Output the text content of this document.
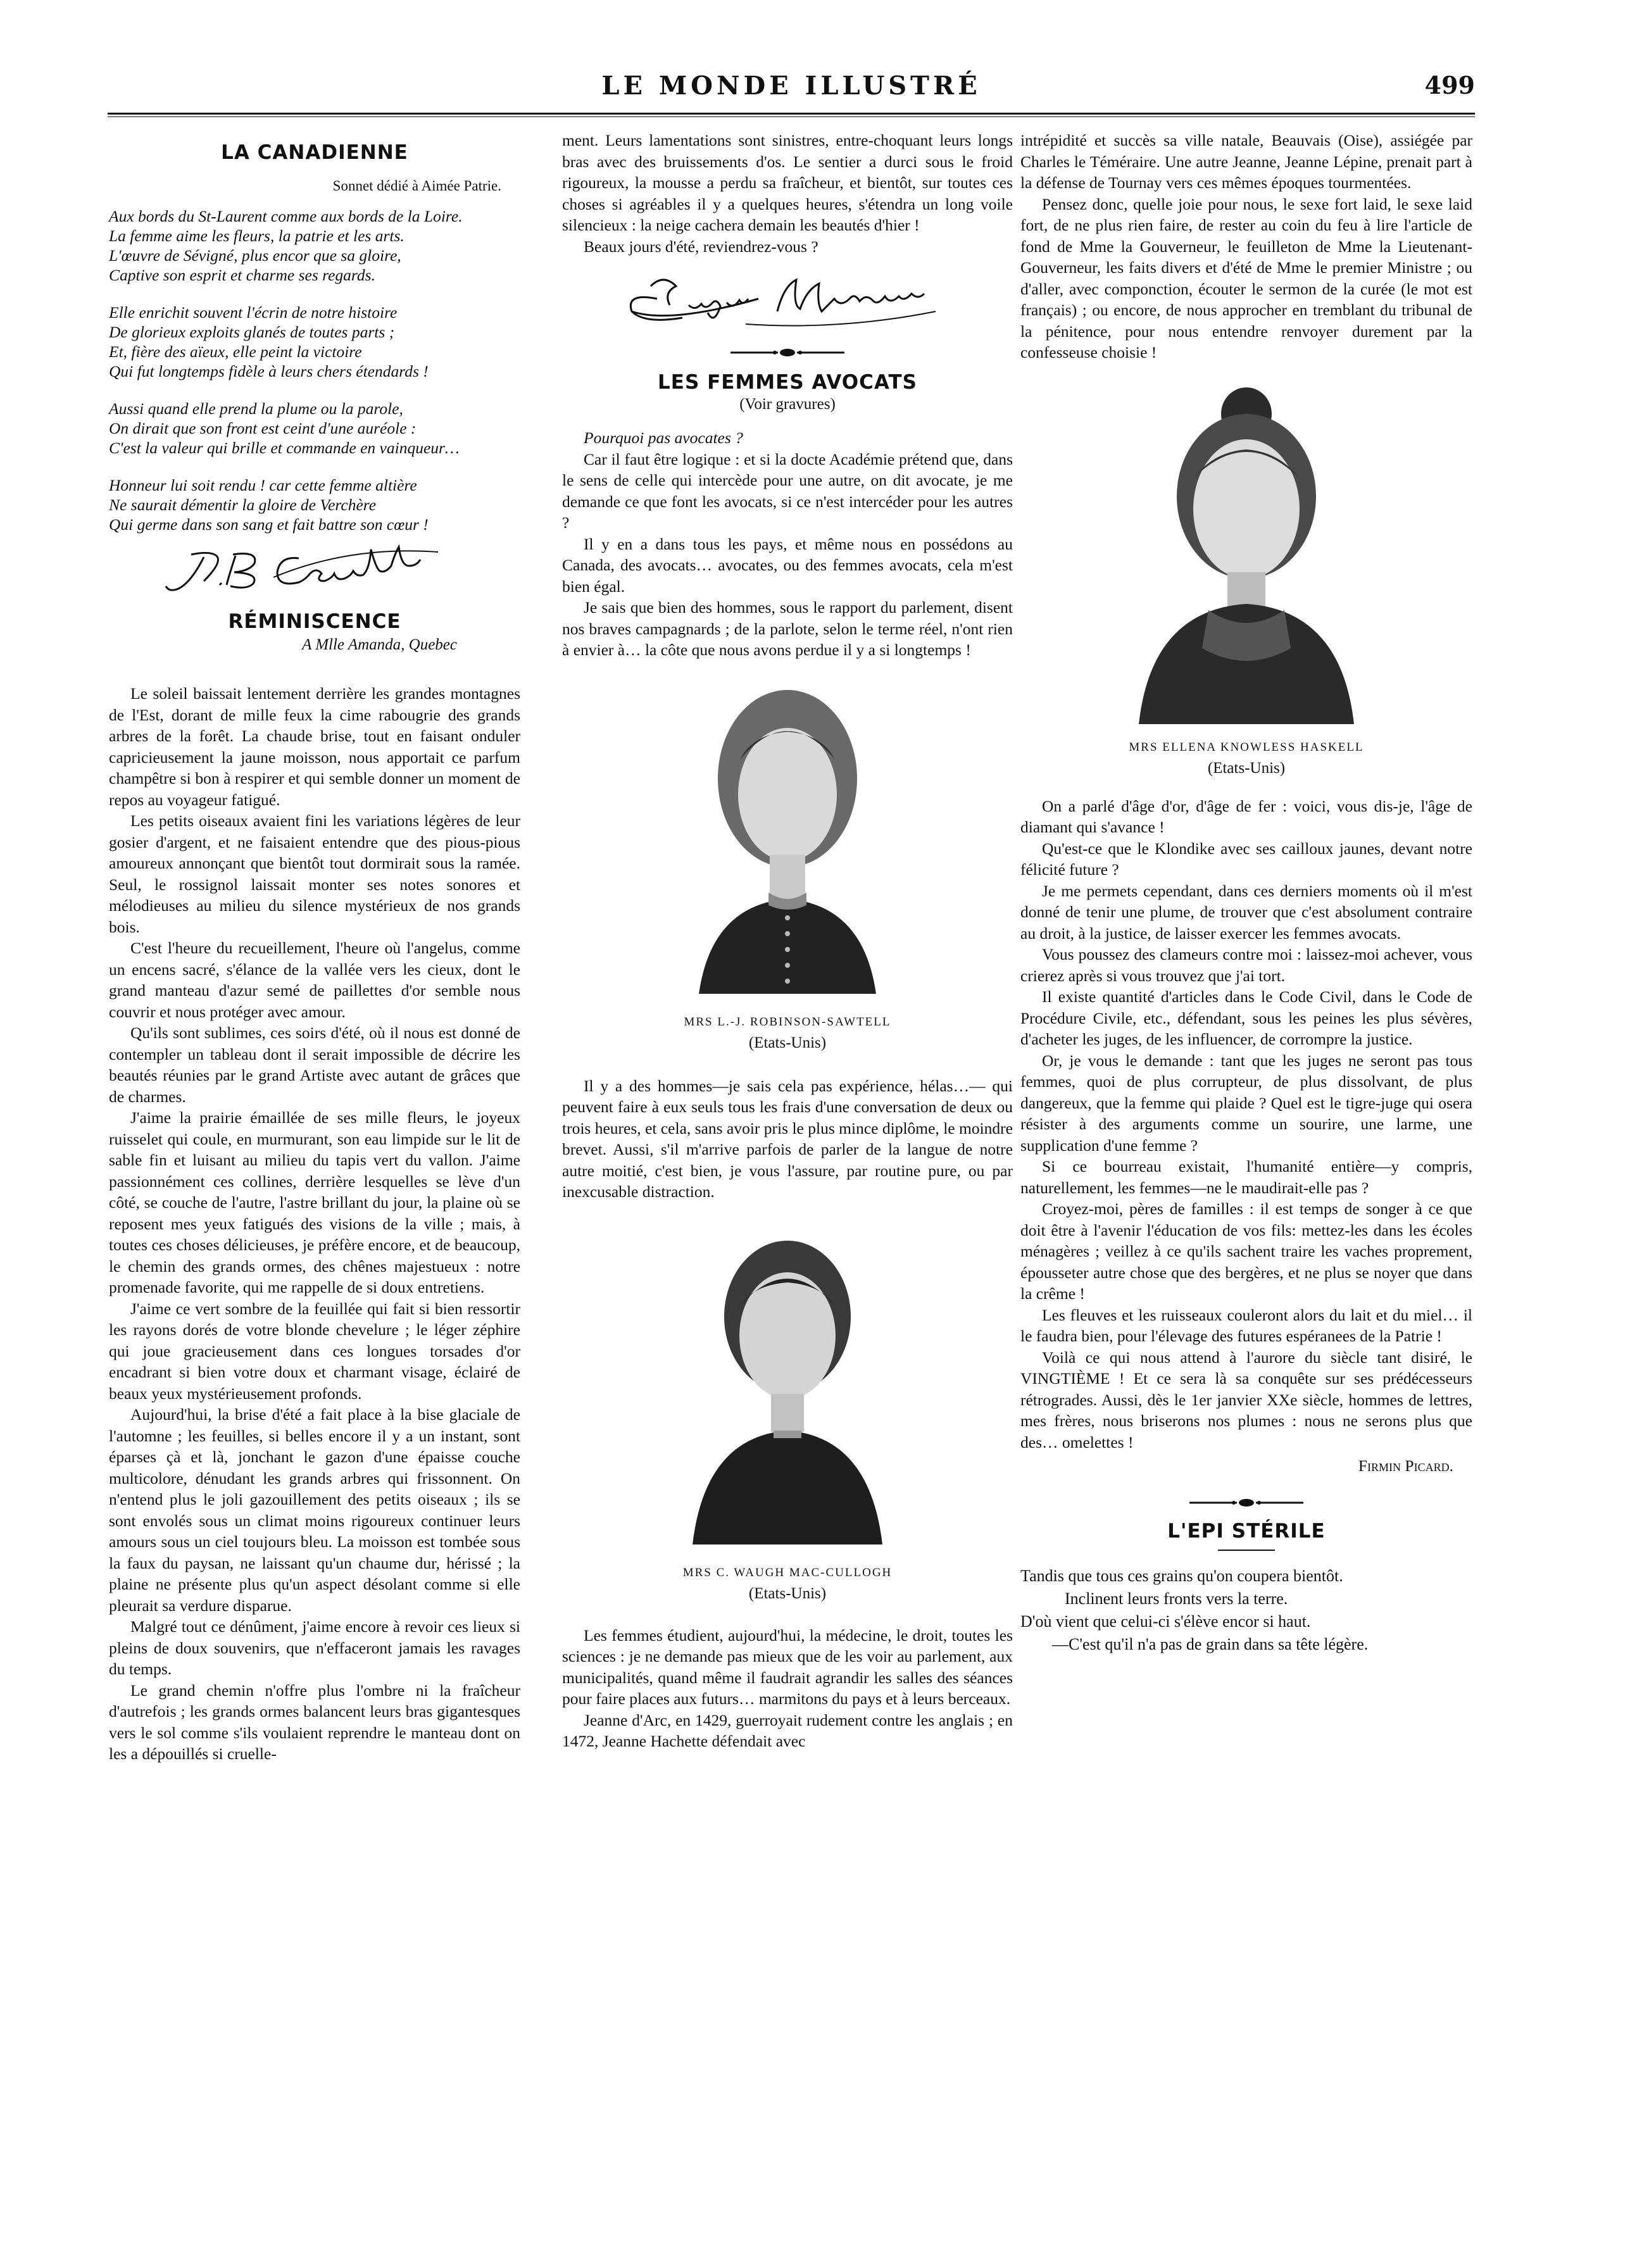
LE MONDE ILLUSTRÉ	499
LA CANADIENNE
Sonnet dédié à Aimée Patrie.
Aux bords du St-Laurent comme aux bords de la Loire.
La femme aime les fleurs, la patrie et les arts.
L'œuvre de Sévigné, plus encor que sa gloire,
Captive son esprit et charme ses regards.
Elle enrichit souvent l'écrin de notre histoire
De glorieux exploits glanés de toutes parts ;
Et, fière des aïeux, elle peint la victoire
Qui fut longtemps fidèle à leurs chers étendards !
Aussi quand elle prend la plume ou la parole,
On dirait que son front est ceint d'une auréole :
C'est la valeur qui brille et commande en vainqueur…
Honneur lui soit rendu ! car cette femme altière
Ne saurait démentir la gloire de Verchère
Qui germe dans son sang et fait battre son cœur !
RÉMINISCENCE
A Mlle Amanda, Quebec

Le soleil baissait lentement derrière les grandes montagnes de l'Est, dorant de mille feux la cime rabougrie des grands arbres de la forêt. La chaude brise, tout en faisant onduler capricieusement la jaune moisson, nous apportait ce parfum champêtre si bon à respirer et qui semble donner un moment de repos au voyageur fatigué.

Les petits oiseaux avaient fini les variations légères de leur gosier d'argent, et ne faisaient entendre que des pious-pious amoureux annonçant que bientôt tout dormirait sous la ramée. Seul, le rossignol laissait monter ses notes sonores et mélodieuses au milieu du silence mystérieux de nos grands bois.

C'est l'heure du recueillement, l'heure où l'angelus, comme un encens sacré, s'élance de la vallée vers les cieux, dont le grand manteau d'azur semé de paillettes d'or semble nous couvrir et nous protéger avec amour.

Qu'ils sont sublimes, ces soirs d'été, où il nous est donné de contempler un tableau dont il serait impossible de décrire les beautés réunies par le grand Artiste avec autant de grâces que de charmes.

J'aime la prairie émaillée de ses mille fleurs, le joyeux ruisselet qui coule, en murmurant, son eau limpide sur le lit de sable fin et luisant au milieu du tapis vert du vallon. J'aime passionnément ces collines, derrière lesquelles se lève d'un côté, se couche de l'autre, l'astre brillant du jour, la plaine où se reposent mes yeux fatigués des visions de la ville ; mais, à toutes ces choses délicieuses, je préfère encore, et de beaucoup, le chemin des grands ormes, des chênes majestueux : notre promenade favorite, qui me rappelle de si doux entretiens.

J'aime ce vert sombre de la feuillée qui fait si bien ressortir les rayons dorés de votre blonde chevelure ; le léger zéphire qui joue gracieusement dans ces longues torsades d'or encadrant si bien votre doux et charmant visage, éclairé de beaux yeux mystérieusement profonds.

Aujourd'hui, la brise d'été a fait place à la bise glaciale de l'automne ; les feuilles, si belles encore il y a un instant, sont éparses çà et là, jonchant le gazon d'une épaisse couche multicolore, dénudant les grands arbres qui frissonnent. On n'entend plus le joli gazouillement des petits oiseaux ; ils se sont envolés sous un climat moins rigoureux continuer leurs amours sous un ciel toujours bleu. La moisson est tombée sous la faux du paysan, ne laissant qu'un chaume dur, hérissé ; la plaine ne présente plus qu'un aspect désolant comme si elle pleurait sa verdure disparue.

Malgré tout ce dénûment, j'aime encore à revoir ces lieux si pleins de doux souvenirs, que n'effaceront jamais les ravages du temps.

Le grand chemin n'offre plus l'ombre ni la fraîcheur d'autrefois ; les grands ormes balancent leurs bras gigantesques vers le sol comme s'ils voulaient reprendre le manteau dont on les a dépouillés si cruelle-

ment. Leurs lamentations sont sinistres, entre-choquant leurs longs bras avec des bruissements d'os. Le sentier a durci sous le froid rigoureux, la mousse a perdu sa fraîcheur, et bientôt, sur toutes ces choses si agréables il y a quelques heures, s'étendra un long voile silencieux : la neige cachera demain les beautés d'hier !

Beaux jours d'été, reviendrez-vous ?

LES FEMMES AVOCATS
(Voir gravures)

Pourquoi pas avocates ?

Car il faut être logique : et si la docte Académie prétend que, dans le sens de celle qui intercède pour une autre, on dit avocate, je me demande ce que font les avocats, si ce n'est intercéder pour les autres ?

Il y en a dans tous les pays, et même nous en possédons au Canada, des avocats… avocates, ou des femmes avocats, cela m'est bien égal.

Je sais que bien des hommes, sous le rapport du parlement, disent nos braves campagnards ; de la parlote, selon le terme réel, n'ont rien à envier à… la côte que nous avons perdue il y a si longtemps !

MRS L.-J. ROBINSON-SAWTELL
(Etats-Unis)

Il y a des hommes—je sais cela pas expérience, hélas…— qui peuvent faire à eux seuls tous les frais d'une conversation de deux ou trois heures, et cela, sans avoir pris le plus mince diplôme, le moindre brevet. Aussi, s'il m'arrive parfois de parler de la langue de notre autre moitié, c'est bien, je vous l'assure, par routine pure, ou par inexcusable distraction.

MRS C. WAUGH MAC-CULLOGH
(Etats-Unis)

Les femmes étudient, aujourd'hui, la médecine, le droit, toutes les sciences : je ne demande pas mieux que de les voir au parlement, aux municipalités, quand même il faudrait agrandir les salles des séances pour faire places aux futurs… marmitons du pays et à leurs berceaux.

Jeanne d'Arc, en 1429, guerroyait rudement contre les anglais ; en 1472, Jeanne Hachette défendait avec

intrépidité et succès sa ville natale, Beauvais (Oise), assiégée par Charles le Téméraire. Une autre Jeanne, Jeanne Lépine, prenait part à la défense de Tournay vers ces mêmes époques tourmentées.

Pensez donc, quelle joie pour nous, le sexe fort laid, le sexe laid fort, de ne plus rien faire, de rester au coin du feu à lire l'article de fond de Mme la Gouverneur, le feuilleton de Mme la Lieutenant-Gouverneur, les faits divers et d'été de Mme le premier Ministre ; ou d'aller, avec componction, écouter le sermon de la curée (le mot est français) ; ou encore, de nous approcher en tremblant du tribunal de la pénitence, pour nous entendre renvoyer durement par la confesseuse choisie !

MRS ELLENA KNOWLESS HASKELL
(Etats-Unis)

On a parlé d'âge d'or, d'âge de fer : voici, vous dis-je, l'âge de diamant qui s'avance !

Qu'est-ce que le Klondike avec ses cailloux jaunes, devant notre félicité future ?

Je me permets cependant, dans ces derniers moments où il m'est donné de tenir une plume, de trouver que c'est absolument contraire au droit, à la justice, de laisser exercer les femmes avocats.

Vous poussez des clameurs contre moi : laissez-moi achever, vous crierez après si vous trouvez que j'ai tort.

Il existe quantité d'articles dans le Code Civil, dans le Code de Procédure Civile, etc., défendant, sous les peines les plus sévères, d'acheter les juges, de les influencer, de corrompre la justice.

Or, je vous le demande : tant que les juges ne seront pas tous femmes, quoi de plus corrupteur, de plus dissolvant, de plus dangereux, que la femme qui plaide ? Quel est le tigre-juge qui osera résister à des arguments comme un sourire, une larme, une supplication d'une femme ?

Si ce bourreau existait, l'humanité entière—y compris, naturellement, les femmes—ne le maudirait-elle pas ?

Croyez-moi, pères de familles : il est temps de songer à ce que doit être à l'avenir l'éducation de vos fils: mettez-les dans les écoles ménagères ; veillez à ce qu'ils sachent traire les vaches proprement, épousseter autre chose que des bergères, et ne plus se noyer que dans la crême !

Les fleuves et les ruisseaux couleront alors du lait et du miel… il le faudra bien, pour l'élevage des futures espéranees de la Patrie !

Voilà ce qui nous attend à l'aurore du siècle tant disiré, le VINGTIÈME ! Et ce sera là sa conquête sur ses prédécesseurs rétrogrades. Aussi, dès le 1er janvier XXe siècle, hommes de lettres, mes frères, nous briserons nos plumes : nous ne serons plus que des… omelettes !

Firmin Picard.
L'EPI STÉRILE
Tandis que tous ces grains qu'on coupera bientôt.
Inclinent leurs fronts vers la terre.
D'où vient que celui-ci s'élève encor si haut.
—C'est qu'il n'a pas de grain dans sa tête légère.
